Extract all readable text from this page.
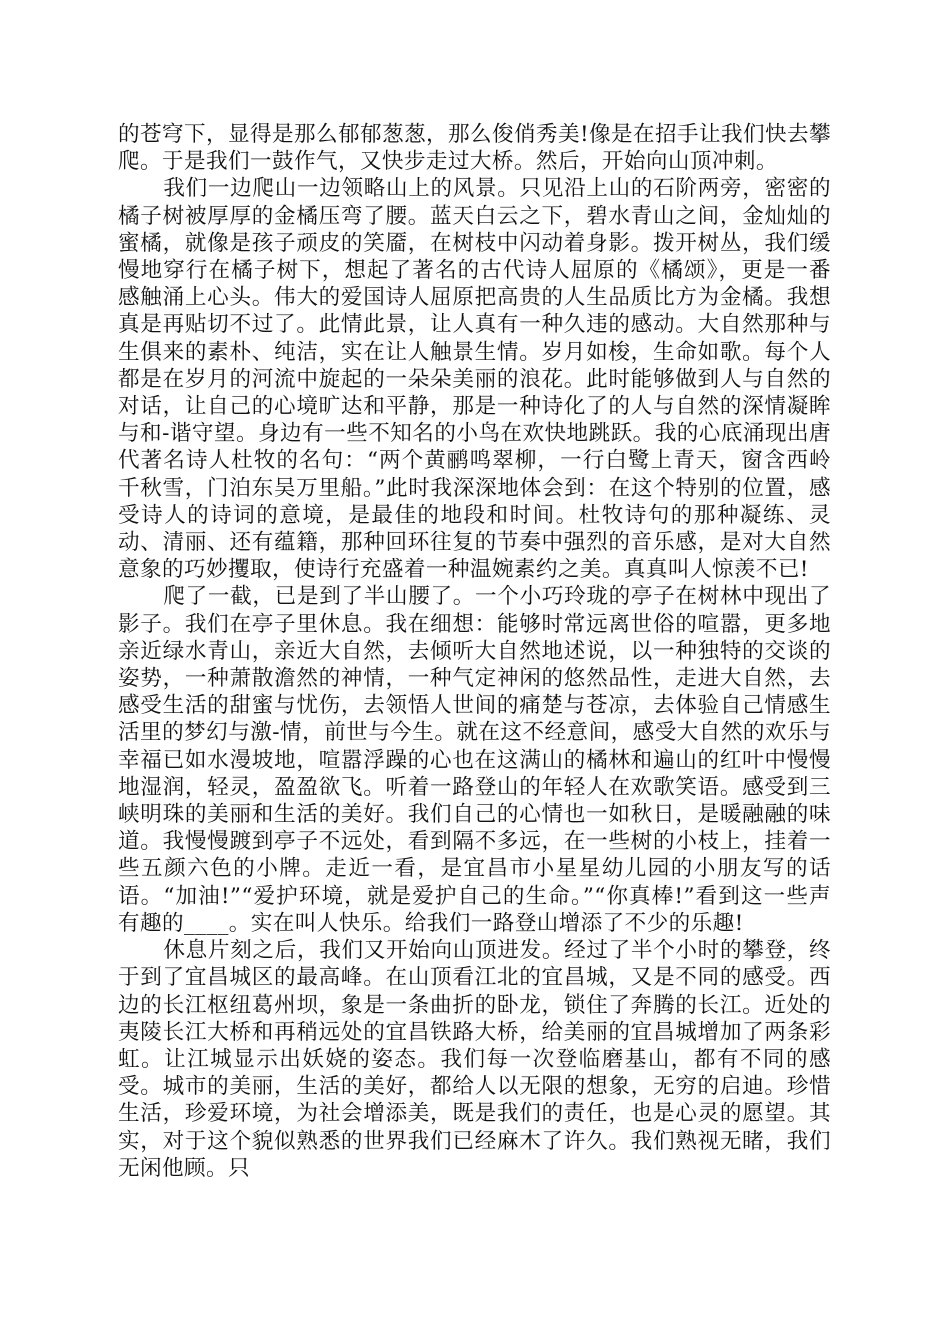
的苍穹下，显得是那么郁郁葱葱，那么俊俏秀美!像是在招手让我们快去攀爬。于是我们一鼓作气，又快步走过大桥。然后，开始向山顶冲刺。

我们一边爬山一边领略山上的风景。只见沿上山的石阶两旁，密密的橘子树被厚厚的金橘压弯了腰。蓝天白云之下，碧水青山之间，金灿灿的蜜橘，就像是孩子顽皮的笑靥，在树枝中闪动着身影。拨开树丛，我们缓慢地穿行在橘子树下，想起了著名的古代诗人屈原的《橘颂》，更是一番感触涌上心头。伟大的爱国诗人屈原把高贵的人生品质比方为金橘。我想真是再贴切不过了。此情此景，让人真有一种久违的感动。大自然那种与生俱来的素朴、纯洁，实在让人触景生情。岁月如梭，生命如歌。每个人都是在岁月的河流中旋起的一朵朵美丽的浪花。此时能够做到人与自然的对话，让自己的心境旷达和平静，那是一种诗化了的人与自然的深情凝眸与和-谐守望。身边有一些不知名的小鸟在欢快地跳跃。我的心底涌现出唐代著名诗人杜牧的名句：“两个黄鹂鸣翠柳，一行白鹭上青天，窗含西岭千秋雪，门泊东吴万里船。”此时我深深地体会到：在这个特别的位置，感受诗人的诗词的意境，是最佳的地段和时间。杜牧诗句的那种凝练、灵动、清丽、还有蕴籍，那种回环往复的节奏中强烈的音乐感，是对大自然意象的巧妙攫取，使诗行充盛着一种温婉素约之美。真真叫人惊羡不已!

爬了一截，已是到了半山腰了。一个小巧玲珑的亭子在树林中现出了影子。我们在亭子里休息。我在细想：能够时常远离世俗的喧嚣，更多地亲近绿水青山，亲近大自然，去倾听大自然地述说，以一种独特的交谈的姿势，一种萧散澹然的神情，一种气定神闲的悠然品性，走进大自然，去感受生活的甜蜜与忧伤，去领悟人世间的痛楚与苍凉，去体验自己情感生活里的梦幻与激-情，前世与今生。就在这不经意间，感受大自然的欢乐与幸福已如水漫坡地，喧嚣浮躁的心也在这满山的橘林和遍山的红叶中慢慢地湿润，轻灵，盈盈欲飞。听着一路登山的年轻人在欢歌笑语。感受到三峡明珠的美丽和生活的美好。我们自己的心情也一如秋日，是暖融融的味道。我慢慢踱到亭子不远处，看到隔不多远，在一些树的小枝上，挂着一些五颜六色的小牌。走近一看，是宜昌市小星星幼儿园的小朋友写的话语。“加油!”“爱护环境，就是爱护自己的生命。”“你真棒!”看到这一些声有趣的____。实在叫人快乐。给我们一路登山增添了不少的乐趣!

休息片刻之后，我们又开始向山顶进发。经过了半个小时的攀登，终于到了宜昌城区的最高峰。在山顶看江北的宜昌城，又是不同的感受。西边的长江枢纽葛州坝，象是一条曲折的卧龙，锁住了奔腾的长江。近处的夷陵长江大桥和再稍远处的宜昌铁路大桥，给美丽的宜昌城增加了两条彩虹。让江城显示出妖娆的姿态。我们每一次登临磨基山，都有不同的感受。城市的美丽，生活的美好，都给人以无限的想象，无穷的启迪。珍惜生活，珍爱环境，为社会增添美，既是我们的责任，也是心灵的愿望。其实，对于这个貌似熟悉的世界我们已经麻木了许久。我们熟视无睹，我们无闲他顾。只
